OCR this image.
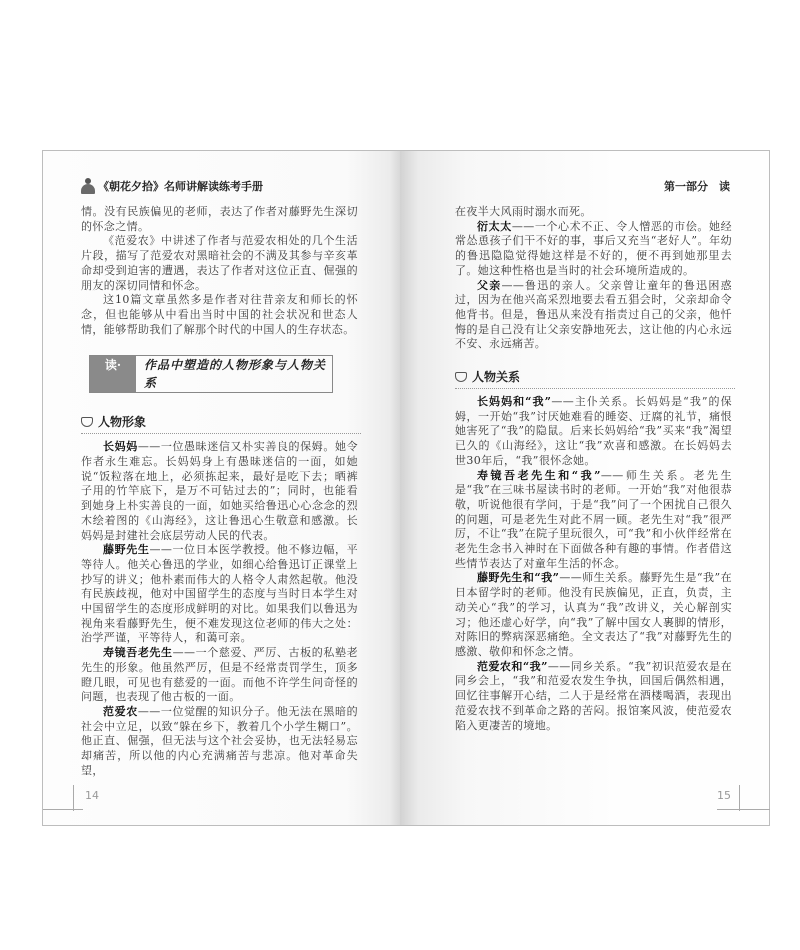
《朝花夕拾》名师讲解读练考手册

情。没有民族偏见的老师，表达了作者对藤野先生深切的怀念之情。

《范爱农》中讲述了作者与范爱农相处的几个生活片段，描写了范爱农对黑暗社会的不满及其参与辛亥革命却受到迫害的遭遇，表达了作者对这位正直、倔强的朋友的深切同情和怀念。

这10篇文章虽然多是作者对往昔亲友和师长的怀念，但也能够从中看出当时中国的社会状况和世态人情，能够帮助我们了解那个时代的中国人的生存状态。

读·	作品中塑造的人物形象与人物关系
人物形象

长妈妈——一位愚昧迷信又朴实善良的保姆。她令作者永生难忘。长妈妈身上有愚昧迷信的一面，如她说“饭粒落在地上，必须拣起来，最好是吃下去；晒裤子用的竹竿底下，是万不可钻过去的”；同时，也能看到她身上朴实善良的一面，如她买给鲁迅心心念念的烈木绘着图的《山海经》，这让鲁迅心生敬意和感激。长妈妈是封建社会底层劳动人民的代表。

藤野先生——一位日本医学教授。他不修边幅，平等待人。他关心鲁迅的学业，如细心给鲁迅订正课堂上抄写的讲义；他朴素而伟大的人格令人肃然起敬。他没有民族歧视，他对中国留学生的态度与当时日本学生对中国留学生的态度形成鲜明的对比。如果我们以鲁迅为视角来看藤野先生，便不难发现这位老师的伟大之处：治学严谨，平等待人，和蔼可亲。

寿镜吾老先生——一个慈爱、严厉、古板的私塾老先生的形象。他虽然严厉，但是不经常责罚学生，顶多瞪几眼，可见也有慈爱的一面。而他不许学生问奇怪的问题，也表现了他古板的一面。

范爱农——一位觉醒的知识分子。他无法在黑暗的社会中立足，以致“躲在乡下，教着几个小学生糊口”。他正直、倔强，但无法与这个社会妥协，也无法轻易忘却痛苦，所以他的内心充满痛苦与悲凉。他对革命失望，

14
第一部分　读

在夜半大风雨时溺水而死。

衍太太——一个心术不正、令人憎恶的市侩。她经常怂恿孩子们干不好的事，事后又充当“老好人”。年幼的鲁迅隐隐觉得她这样是不好的，便不再到她那里去了。她这种性格也是当时的社会环境所造成的。

父亲——鲁迅的亲人。父亲曾让童年的鲁迅困惑过，因为在他兴高采烈地要去看五猖会时，父亲却命令他背书。但是，鲁迅从来没有指责过自己的父亲，他忏悔的是自己没有让父亲安静地死去，这让他的内心永远不安、永远痛苦。

人物关系

长妈妈和“我”——主仆关系。长妈妈是“我”的保姆，一开始“我”讨厌她难看的睡姿、迂腐的礼节，痛恨她害死了“我”的隐鼠。后来长妈妈给“我”买来“我”渴望已久的《山海经》，这让“我”欢喜和感激。在长妈妈去世30年后，“我”很怀念她。

寿镜吾老先生和“我”——师生关系。老先生是“我”在三味书屋读书时的老师。一开始“我”对他很恭敬，听说他很有学问，于是“我”问了一个困扰自己很久的问题，可是老先生对此不屑一顾。老先生对“我”很严厉，不让“我”在院子里玩很久，可“我”和小伙伴经常在老先生念书入神时在下面做各种有趣的事情。作者借这些情节表达了对童年生活的怀念。

藤野先生和“我”——师生关系。藤野先生是“我”在日本留学时的老师。他没有民族偏见，正直，负责，主动关心“我”的学习，认真为“我”改讲义，关心解剖实习；他还虚心好学，向“我”了解中国女人裹脚的情形，对陈旧的弊病深恶痛绝。全文表达了“我”对藤野先生的感激、敬仰和怀念之情。

范爱农和“我”——同乡关系。“我”初识范爱农是在同乡会上，“我”和范爱农发生争执，回国后偶然相遇，回忆往事解开心结，二人于是经常在酒楼喝酒，表现出范爱农找不到革命之路的苦闷。报馆案风波，使范爱农陷入更凄苦的境地。

15
